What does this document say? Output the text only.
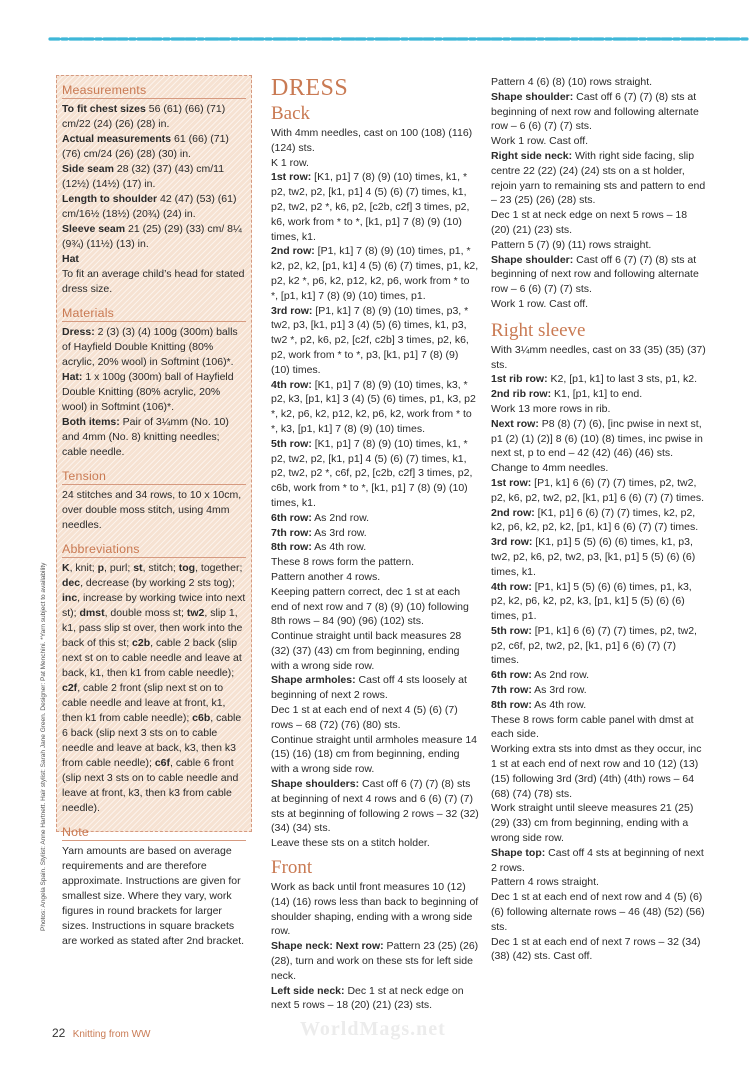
Measurements

To fit chest sizes 56 (61) (66) (71) cm/22 (24) (26) (28) in.

Actual measurements 61 (66) (71) (76) cm/24 (26) (28) (30) in.

Side seam 28 (32) (37) (43) cm/11 (12½) (14½) (17) in.

Length to shoulder 42 (47) (53) (61) cm/16½ (18½) (20¾) (24) in.

Sleeve seam 21 (25) (29) (33) cm/ 8¼ (9¾) (11½) (13) in.

Hat

To fit an average child’s head for stated dress size.

Materials

Dress: 2 (3) (3) (4) 100g (300m) balls of Hayfield Double Knitting (80% acrylic, 20% wool) in Softmint (106)*.

Hat: 1 x 100g (300m) ball of Hayfield Double Knitting (80% acrylic, 20% wool) in Softmint (106)*.

Both items: Pair of 3¼mm (No. 10) and 4mm (No. 8) knitting needles; cable needle.

Tension

24 stitches and 34 rows, to 10 x 10cm, over double moss stitch, using 4mm needles.

Abbreviations

K, knit; p, purl; st, stitch; tog, together; dec, decrease (by working 2 sts tog); inc, increase by working twice into next st); dmst, double moss st; tw2, slip 1, k1, pass slip st over, then work into the back of this st; c2b, cable 2 back (slip next st on to cable needle and leave at back, k1, then k1 from cable needle); c2f, cable 2 front (slip next st on to cable needle and leave at front, k1, then k1 from cable needle); c6b, cable 6 back (slip next 3 sts on to cable needle and leave at back, k3, then k3 from cable needle); c6f, cable 6 front (slip next 3 sts on to cable needle and leave at front, k3, then k3 from cable needle).

Note

Yarn amounts are based on average requirements and are therefore approximate. Instructions are given for smallest size. Where they vary, work figures in round brackets for larger sizes. Instructions in square brackets are worked as stated after 2nd bracket.

Photos: Angela Spain. Stylist: Anne Hartnett. Hair stylist: Sarah Jane Green. Designer: Pat Menchini. *Yarn subject to availability
DRESS
Back

With 4mm needles, cast on 100 (108) (116) (124) sts.

K 1 row.

1st row: [K1, p1] 7 (8) (9) (10) times, k1, * p2, tw2, p2, [k1, p1] 4 (5) (6) (7) times, k1, p2, tw2, p2 *, k6, p2, [c2b, c2f] 3 times, p2, k6, work from * to *, [k1, p1] 7 (8) (9) (10) times, k1.

2nd row: [P1, k1] 7 (8) (9) (10) times, p1, * k2, p2, k2, [p1, k1] 4 (5) (6) (7) times, p1, k2, p2, k2 *, p6, k2, p12, k2, p6, work from * to *, [p1, k1] 7 (8) (9) (10) times, p1.

3rd row: [P1, k1] 7 (8) (9) (10) times, p3, * tw2, p3, [k1, p1] 3 (4) (5) (6) times, k1, p3, tw2 *, p2, k6, p2, [c2f, c2b] 3 times, p2, k6, p2, work from * to *, p3, [k1, p1] 7 (8) (9) (10) times.

4th row: [K1, p1] 7 (8) (9) (10) times, k3, * p2, k3, [p1, k1] 3 (4) (5) (6) times, p1, k3, p2 *, k2, p6, k2, p12, k2, p6, k2, work from * to *, k3, [p1, k1] 7 (8) (9) (10) times.

5th row: [K1, p1] 7 (8) (9) (10) times, k1, * p2, tw2, p2, [k1, p1] 4 (5) (6) (7) times, k1, p2, tw2, p2 *, c6f, p2, [c2b, c2f] 3 times, p2, c6b, work from * to *, [k1, p1] 7 (8) (9) (10) times, k1.

6th row: As 2nd row.

7th row: As 3rd row.

8th row: As 4th row.

These 8 rows form the pattern.

Pattern another 4 rows.

Keeping pattern correct, dec 1 st at each end of next row and 7 (8) (9) (10) following 8th rows – 84 (90) (96) (102) sts.

Continue straight until back measures 28 (32) (37) (43) cm from beginning, ending with a wrong side row.

Shape armholes: Cast off 4 sts loosely at beginning of next 2 rows.

Dec 1 st at each end of next 4 (5) (6) (7) rows – 68 (72) (76) (80) sts.

Continue straight until armholes measure 14 (15) (16) (18) cm from beginning, ending with a wrong side row.

Shape shoulders: Cast off 6 (7) (7) (8) sts at beginning of next 4 rows and 6 (6) (7) (7) sts at beginning of following 2 rows – 32 (32) (34) (34) sts.

Leave these sts on a stitch holder.

Front

Work as back until front measures 10 (12) (14) (16) rows less than back to beginning of shoulder shaping, ending with a wrong side row.

Shape neck: Next row: Pattern 23 (25) (26) (28), turn and work on these sts for left side neck.

Left side neck: Dec 1 st at neck edge on next 5 rows – 18 (20) (21) (23) sts.

Pattern 4 (6) (8) (10) rows straight.

Shape shoulder: Cast off 6 (7) (7) (8) sts at beginning of next row and following alternate row – 6 (6) (7) (7) sts.

Work 1 row. Cast off.

Right side neck: With right side facing, slip centre 22 (22) (24) (24) sts on a st holder, rejoin yarn to remaining sts and pattern to end – 23 (25) (26) (28) sts.

Dec 1 st at neck edge on next 5 rows – 18 (20) (21) (23) sts.

Pattern 5 (7) (9) (11) rows straight.

Shape shoulder: Cast off 6 (7) (7) (8) sts at beginning of next row and following alternate row – 6 (6) (7) (7) sts.

Work 1 row. Cast off.

Right sleeve

With 3¼mm needles, cast on 33 (35) (35) (37) sts.

1st rib row: K2, [p1, k1] to last 3 sts, p1, k2.

2nd rib row: K1, [p1, k1] to end.

Work 13 more rows in rib.

Next row: P8 (8) (7) (6), [inc pwise in next st, p1 (2) (1) (2)] 8 (6) (10) (8) times, inc pwise in next st, p to end – 42 (42) (46) (46) sts.

Change to 4mm needles.

1st row: [P1, k1] 6 (6) (7) (7) times, p2, tw2, p2, k6, p2, tw2, p2, [k1, p1] 6 (6) (7) (7) times.

2nd row: [K1, p1] 6 (6) (7) (7) times, k2, p2, k2, p6, k2, p2, k2, [p1, k1] 6 (6) (7) (7) times.

3rd row: [K1, p1] 5 (5) (6) (6) times, k1, p3, tw2, p2, k6, p2, tw2, p3, [k1, p1] 5 (5) (6) (6) times, k1.

4th row: [P1, k1] 5 (5) (6) (6) times, p1, k3, p2, k2, p6, k2, p2, k3, [p1, k1] 5 (5) (6) (6) times, p1.

5th row: [P1, k1] 6 (6) (7) (7) times, p2, tw2, p2, c6f, p2, tw2, p2, [k1, p1] 6 (6) (7) (7) times.

6th row: As 2nd row.

7th row: As 3rd row.

8th row: As 4th row.

These 8 rows form cable panel with dmst at each side.

Working extra sts into dmst as they occur, inc 1 st at each end of next row and 10 (12) (13) (15) following 3rd (3rd) (4th) (4th) rows – 64 (68) (74) (78) sts.

Work straight until sleeve measures 21 (25) (29) (33) cm from beginning, ending with a wrong side row.

Shape top: Cast off 4 sts at beginning of next 2 rows.

Pattern 4 rows straight.

Dec 1 st at each end of next row and 4 (5) (6) (6) following alternate rows – 46 (48) (52) (56) sts.

Dec 1 st at each end of next 7 rows – 32 (34) (38) (42) sts. Cast off.

22 Knitting from WW	WorldMags.net
